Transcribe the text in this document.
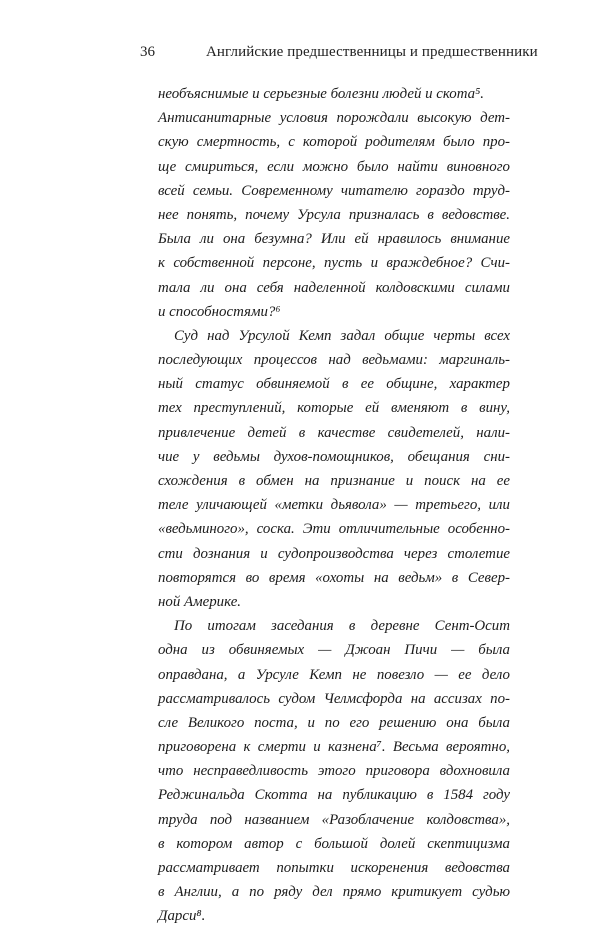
36	Английские предшественницы и предшественники
необъяснимые и серьезные болезни людей и скота⁵.
Антисанитарные условия порождали высокую дет-
скую смертность, с которой родителям было про-
ще смириться, если можно было найти виновного
всей семьи. Современному читателю гораздо труд-
нее понять, почему Урсула призналась в ведовстве.
Была ли она безумна? Или ей нравилось внимание
к собственной персоне, пусть и враждебное? Счи-
тала ли она себя наделенной колдовскими силами
и способностями?⁶
Суд над Урсулой Кемп задал общие черты всех
последующих процессов над ведьмами: маргиналь-
ный статус обвиняемой в ее общине, характер
тех преступлений, которые ей вменяют в вину,
привлечение детей в качестве свидетелей, нали-
чие у ведьмы духов-помощников, обещания сни-
схождения в обмен на признание и поиск на ее
теле уличающей «метки дьявола» — третьего, или
«ведьминого», соска. Эти отличительные особенно-
сти дознания и судопроизводства через столетие
повторятся во время «охоты на ведьм» в Север-
ной Америке.
По итогам заседания в деревне Сент-Осит
одна из обвиняемых — Джоан Пичи — была
оправдана, а Урсуле Кемп не повезло — ее дело
рассматривалось судом Челмсфорда на ассизах по-
сле Великого поста, и по его решению она была
приговорена к смерти и казнена⁷. Весьма вероятно,
что несправедливость этого приговора вдохновила
Реджинальда Скотта на публикацию в 1584 году
труда под названием «Разоблачение колдовства»,
в котором автор с большой долей скептицизма
рассматривает попытки искоренения ведовства
в Англии, а по ряду дел прямо критикует судью
Дарси⁸.
